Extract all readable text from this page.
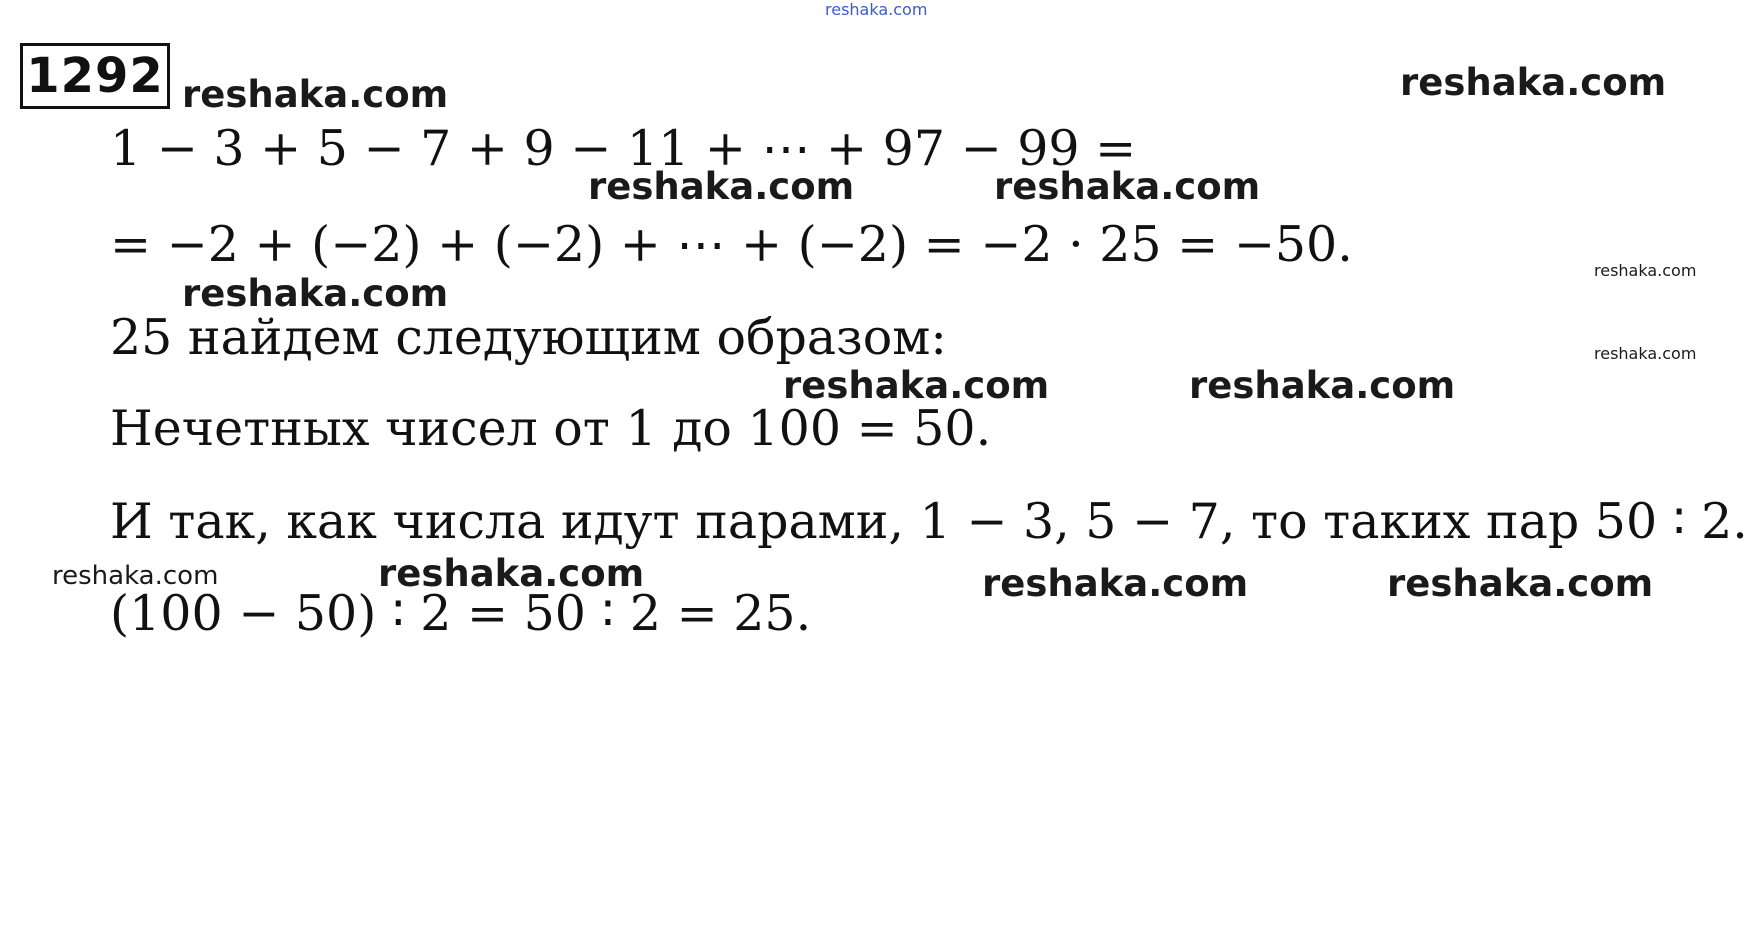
1292
1 − 3 + 5 − 7 + 9 − 11 + ⋯ + 97 − 99 =
= −2 + (−2) + (−2) + ⋯ + (−2) = −2 · 25 = −50.
25 найдем следующим образом:
Нечетных чисел от 1 до 100 = 50.
И так, как числа идут парами, 1 − 3, 5 − 7, то таких пар 50 ∶ 2.
(100 − 50) ∶ 2 = 50 ∶ 2 = 25.
reshaka.com
reshaka.com	reshaka.com
reshaka.com	reshaka.com
reshaka.com
reshaka.com
reshaka.com
reshaka.com	reshaka.com
reshaka.com	reshaka.com	reshaka.com	reshaka.com
